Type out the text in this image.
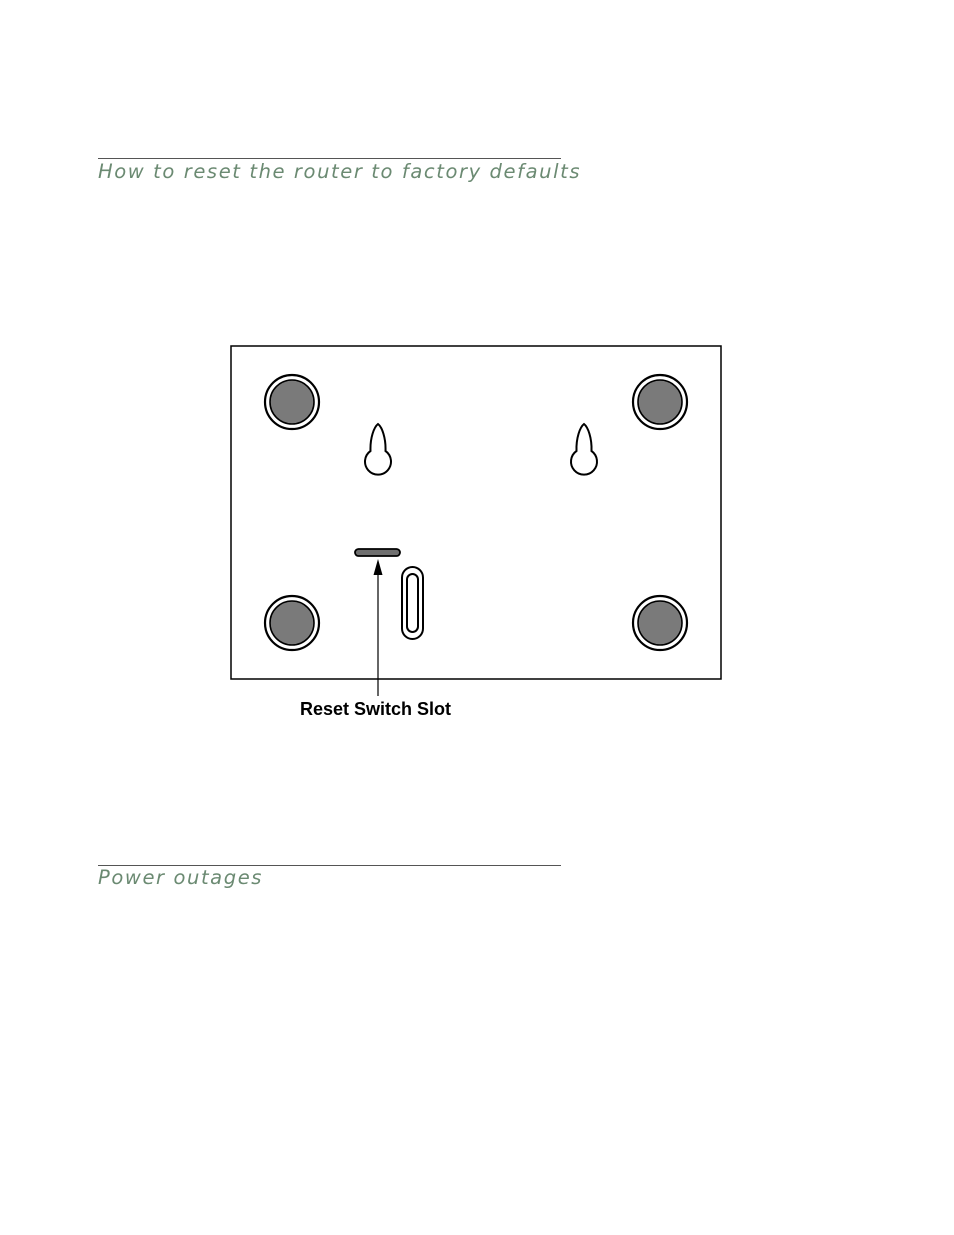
How to reset the router to factory defaults
Reset Switch Slot
Power outages
